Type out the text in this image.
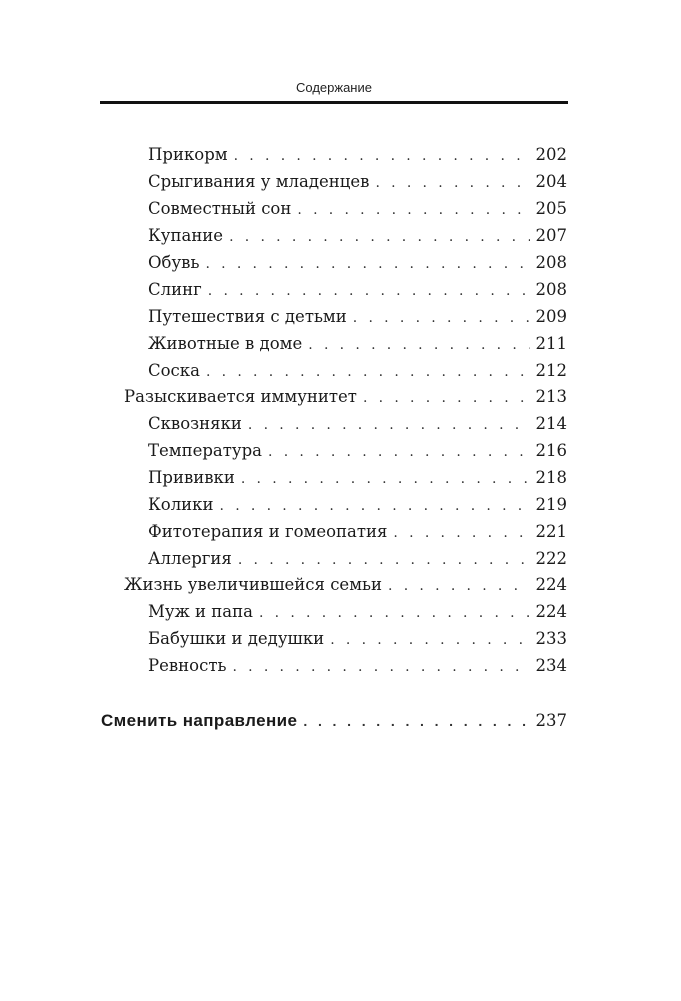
Содержание
Прикорм . . .	202
Срыгивания у младенцев . . .	204
Совместный сон . . .	205
Купание . . .	207
Обувь . . .	208
Слинг . . .	208
Путешествия с детьми . . .	209
Животные в доме . . .	211
Соска . . .	212
Разыскивается иммунитет . . .	213
Сквозняки . . .	214
Температура . . .	216
Прививки . . .	218
Колики . . .	219
Фитотерапия и гомеопатия . . .	221
Аллергия . . .	222
Жизнь увеличившейся семьи . . .	224
Муж и папа . . .	224
Бабушки и дедушки . . .	233
Ревность . . .	234
Сменить направление . . .	237
